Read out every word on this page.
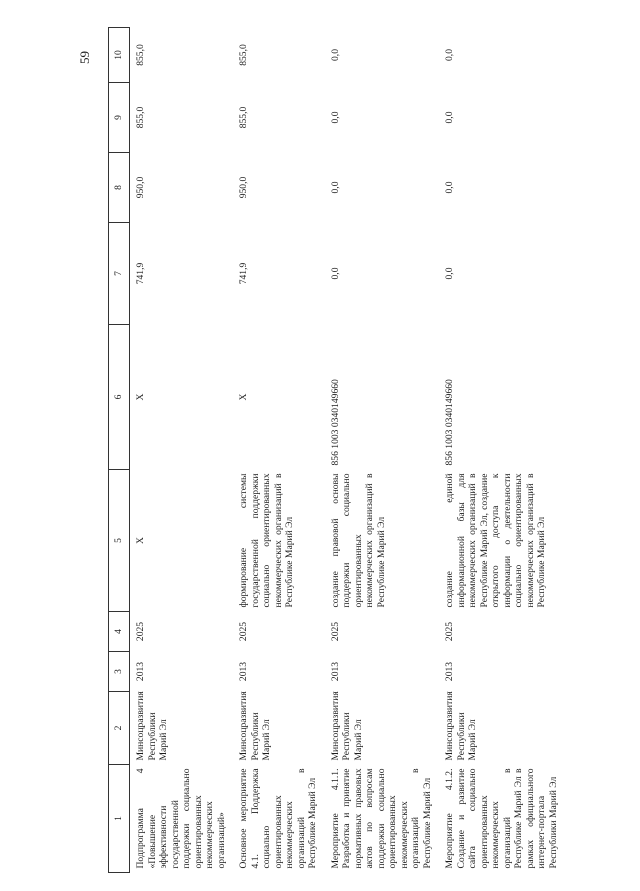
59
1	2	3	4	5	6	7	8	9	10
Подпрограмма 4 «Повышение эффективности государственной поддержки социально ориентированных некоммерческих организаций»	Минсоцразвития Республики Марий Эл	2013	2025	X	X	741,9	950,0	855,0	855,0
Основное мероприятие 4.1. Поддержка социально ориентированных некоммерческих организаций в Республике Марий Эл	Минсоцразвития Республики Марий Эл	2013	2025	формирование системы государственной поддержки социально ориентированных некоммерческих организаций в Республике Марий Эл	X	741,9	950,0	855,0	855,0
Мероприятие 4.1.1. Разработка и принятие нормативных правовых актов по вопросам поддержки социально ориентированных некоммерческих организаций в Республике Марий Эл	Минсоцразвития Республики Марий Эл	2013	2025	создание правовой основы поддержки социально ориентированных некоммерческих организаций в Республике Марий Эл	856 1003 0340149660	0,0	0,0	0,0	0,0
Мероприятие 4.1.2. Создание и развитие сайта социально ориентированных некоммерческих организаций в Республике Марий Эл в рамках официального интернет-портала Республики Марий Эл	Минсоцразвития Республики Марий Эл	2013	2025	создание единой информационной базы для некоммерческих организаций в Республике Марий Эл, создание открытого доступа к информации о деятельности социально ориентированных некоммерческих организаций в Республике Марий Эл	856 1003 0340149660	0,0	0,0	0,0	0,0
